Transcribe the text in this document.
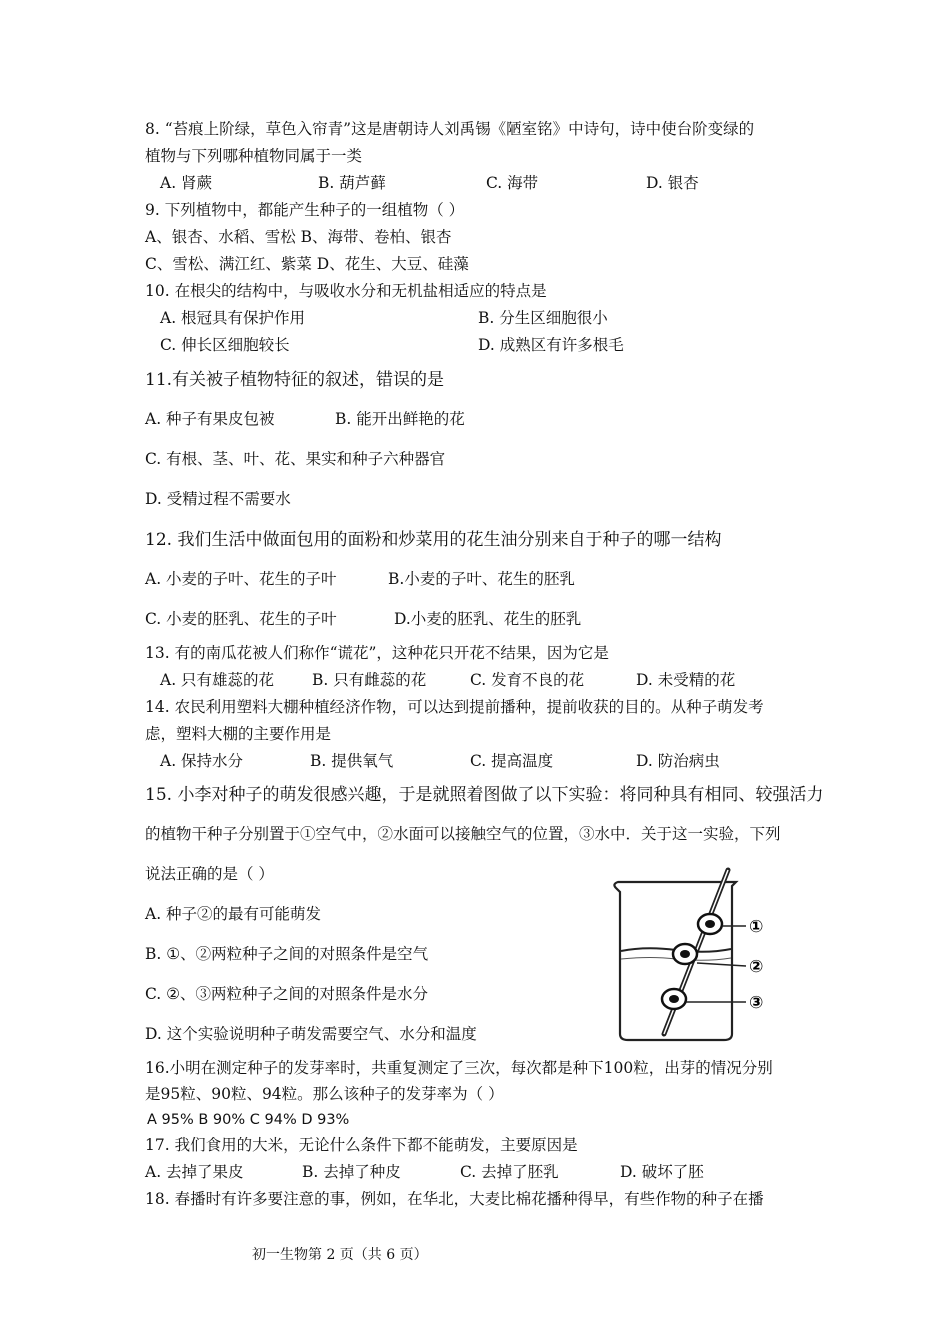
8. “苔痕上阶绿，草色入帘青”这是唐朝诗人刘禹锡《陋室铭》中诗句，诗中使台阶变绿的
植物与下列哪种植物同属于一类
A. 肾蕨	B. 葫芦藓	C. 海带	D. 银杏
9. 下列植物中，都能产生种子的一组植物（ ）
A、银杏、水稻、雪松 B、海带、卷柏、银杏
C、雪松、满江红、紫菜 D、花生、大豆、硅藻
10. 在根尖的结构中，与吸收水分和无机盐相适应的特点是
A. 根冠具有保护作用	B. 分生区细胞很小
C. 伸长区细胞较长	D. 成熟区有许多根毛
11.有关被子植物特征的叙述，错误的是
A. 种子有果皮包被	B. 能开出鲜艳的花
C. 有根、茎、叶、花、果实和种子六种器官
D. 受精过程不需要水
12. 我们生活中做面包用的面粉和炒菜用的花生油分别来自于种子的哪一结构
A. 小麦的子叶、花生的子叶	B.小麦的子叶、花生的胚乳
C. 小麦的胚乳、花生的子叶	D.小麦的胚乳、花生的胚乳
13. 有的南瓜花被人们称作“谎花”，这种花只开花不结果，因为它是
A. 只有雄蕊的花 B. 只有雌蕊的花	C. 发育不良的花	D. 未受精的花
14. 农民利用塑料大棚种植经济作物，可以达到提前播种，提前收获的目的。从种子萌发考
虑，塑料大棚的主要作用是
A. 保持水分	B. 提供氧气	C. 提高温度	D. 防治病虫
15. 小李对种子的萌发很感兴趣，于是就照着图做了以下实验：将同种具有相同、较强活力
的植物干种子分别置于①空气中，②水面可以接触空气的位置，③水中．关于这一实验，下列
说法正确的是（ ）
A. 种子②的最有可能萌发
B. ①、②两粒种子之间的对照条件是空气
C. ②、③两粒种子之间的对照条件是水分
D. 这个实验说明种子萌发需要空气、水分和温度
①
②
③
16.小明在测定种子的发芽率时，共重复测定了三次，每次都是种下100粒，出芽的情况分别
是95粒、90粒、94粒。那么该种子的发芽率为（ ）
A 95% B 90% C 94% D 93%
17. 我们食用的大米，无论什么条件下都不能萌发，主要原因是
A. 去掉了果皮	B. 去掉了种皮	C. 去掉了胚乳	D. 破坏了胚
18. 春播时有许多要注意的事，例如，在华北，大麦比棉花播种得早，有些作物的种子在播
初一生物第 2 页（共 6 页）
